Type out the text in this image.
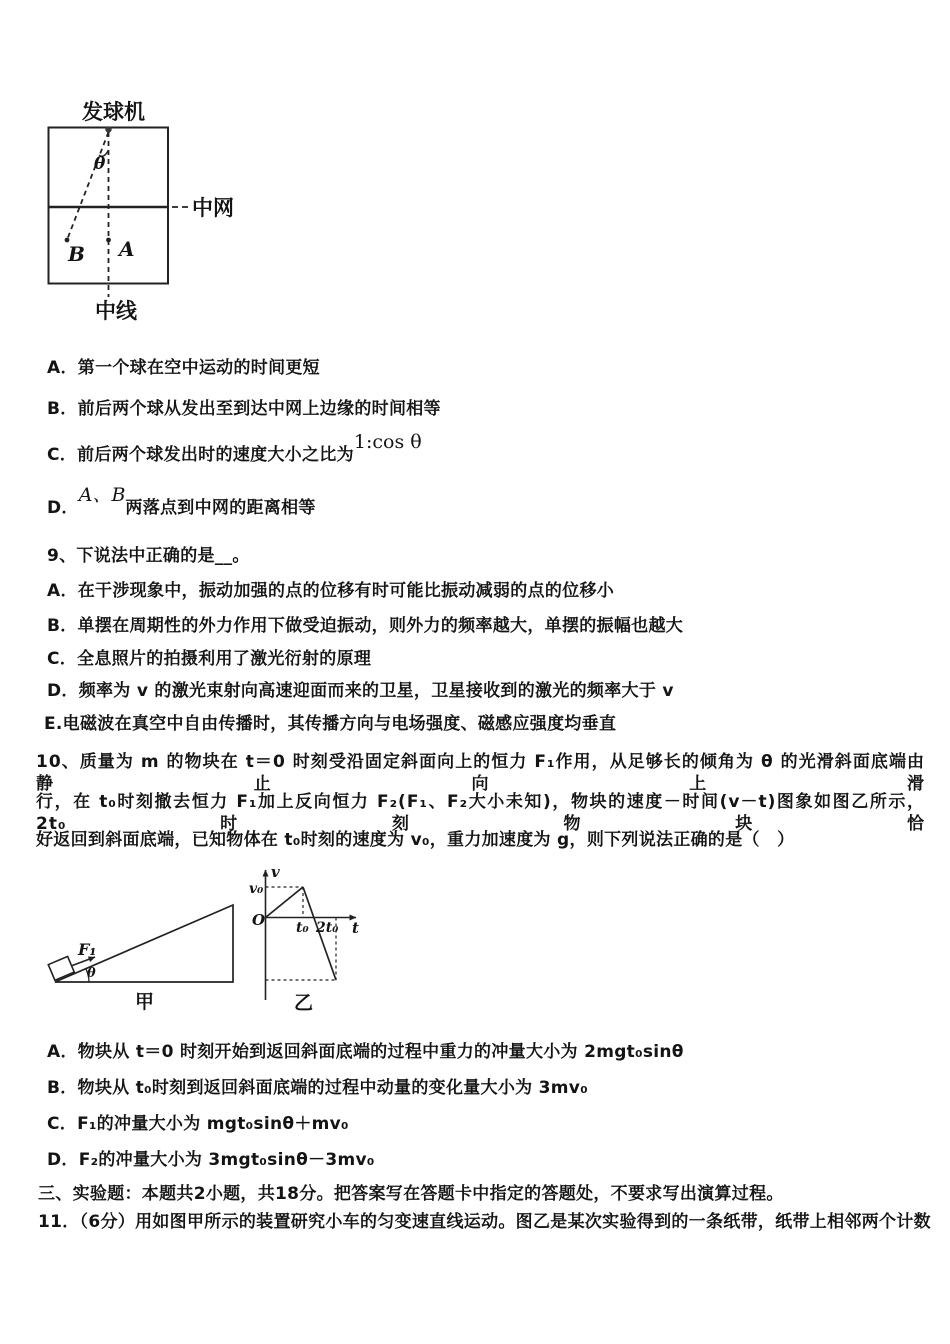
发球机
中网
θ
B A
中线
A．第一个球在空中运动的时间更短
B．前后两个球从发出至到达中网上边缘的时间相等
C．前后两个球发出时的速度大小之比为1:cos θ
D．A、B两落点到中网的距离相等
9、下说法中正确的是__。
A．在干涉现象中，振动加强的点的位移有时可能比振动减弱的点的位移小
B．单摆在周期性的外力作用下做受迫振动，则外力的频率越大，单摆的振幅也越大
C．全息照片的拍摄利用了激光衍射的原理
D．频率为 v 的激光束射向高速迎面而来的卫星，卫星接收到的激光的频率大于 v
E.电磁波在真空中自由传播时，其传播方向与电场强度、磁感应强度均垂直
10、质量为 m 的物块在 t＝0 时刻受沿固定斜面向上的恒力 F₁作用，从足够长的倾角为 θ 的光滑斜面底端由静止向上滑
行，在 t₀时刻撤去恒力 F₁加上反向恒力 F₂(F₁、F₂大小未知)，物块的速度－时间(v－t)图象如图乙所示，2t₀时刻物块恰
好返回到斜面底端，已知物体在 t₀时刻的速度为 v₀，重力加速度为 g，则下列说法正确的是（　）
F₁
θ
甲
v
t
O
v₀
t₀ 2t₀
乙
A．物块从 t＝0 时刻开始到返回斜面底端的过程中重力的冲量大小为 2mgt₀sinθ
B．物块从 t₀时刻到返回斜面底端的过程中动量的变化量大小为 3mv₀
C．F₁的冲量大小为 mgt₀sinθ＋mv₀
D．F₂的冲量大小为 3mgt₀sinθ－3mv₀
三、实验题：本题共2小题，共18分。把答案写在答题卡中指定的答题处，不要求写出演算过程。
11．（6分）用如图甲所示的装置研究小车的匀变速直线运动。图乙是某次实验得到的一条纸带，纸带上相邻两个计数
